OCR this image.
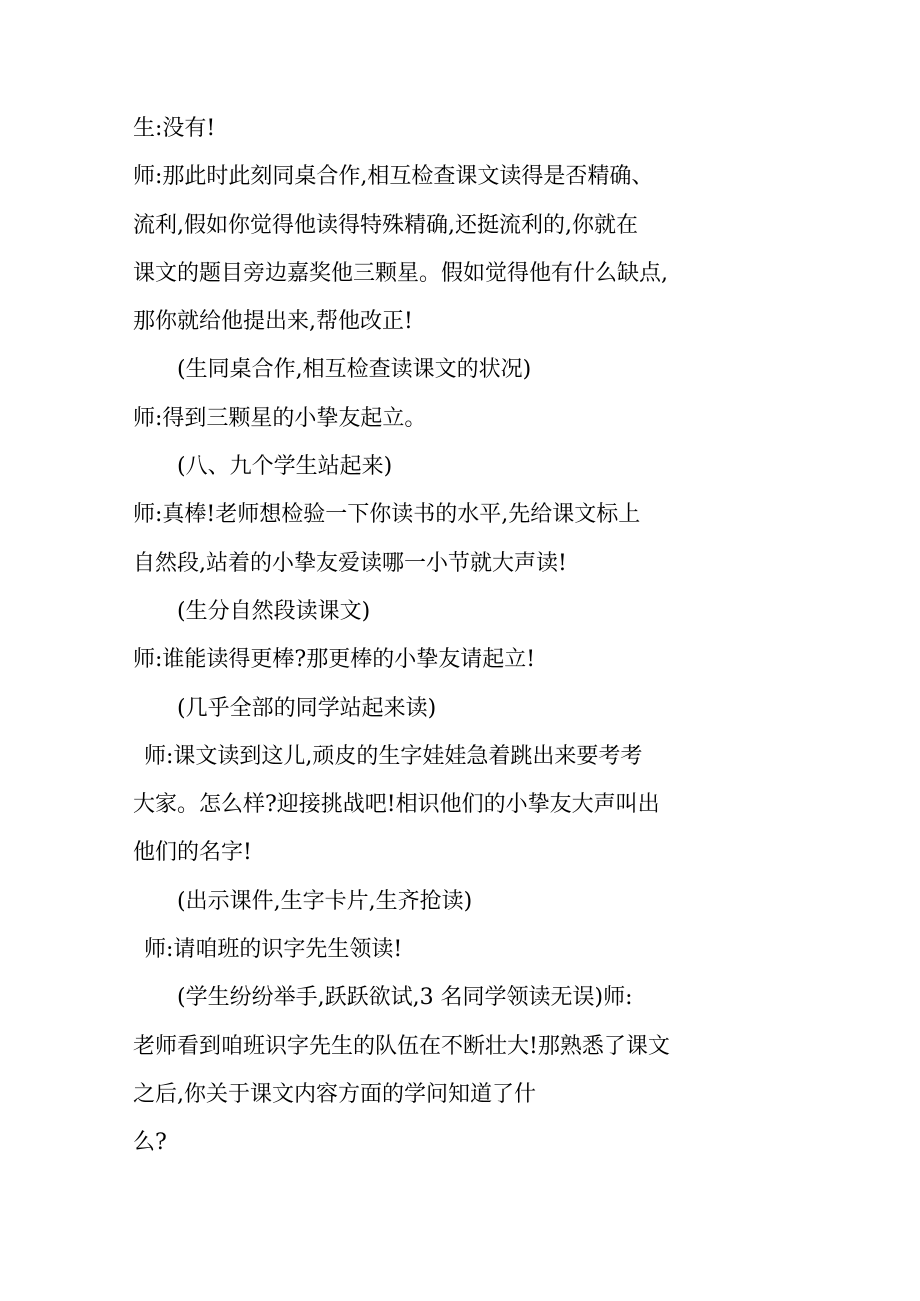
生:没有!

师:那此时此刻同桌合作,相互检查课文读得是否精确、

流利,假如你觉得他读得特殊精确,还挺流利的,你就在

课文的题目旁边嘉奖他三颗星。假如觉得他有什么缺点,

那你就给他提出来,帮他改正!

　　(生同桌合作,相互检查读课文的状况)

师:得到三颗星的小挚友起立。

　　(八、九个学生站起来)

师:真棒!老师想检验一下你读书的水平,先给课文标上

自然段,站着的小挚友爱读哪一小节就大声读!

　　(生分自然段读课文)

师:谁能读得更棒?那更棒的小挚友请起立!

　　(几乎全部的同学站起来读)

 师:课文读到这儿,顽皮的生字娃娃急着跳出来要考考

大家。怎么样?迎接挑战吧!相识他们的小挚友大声叫出

他们的名字!

　　(出示课件,生字卡片,生齐抢读)

 师:请咱班的识字先生领读!

　　(学生纷纷举手,跃跃欲试,3 名同学领读无误)师:

老师看到咱班识字先生的队伍在不断壮大!那熟悉了课文

之后,你关于课文内容方面的学问知道了什

么?
